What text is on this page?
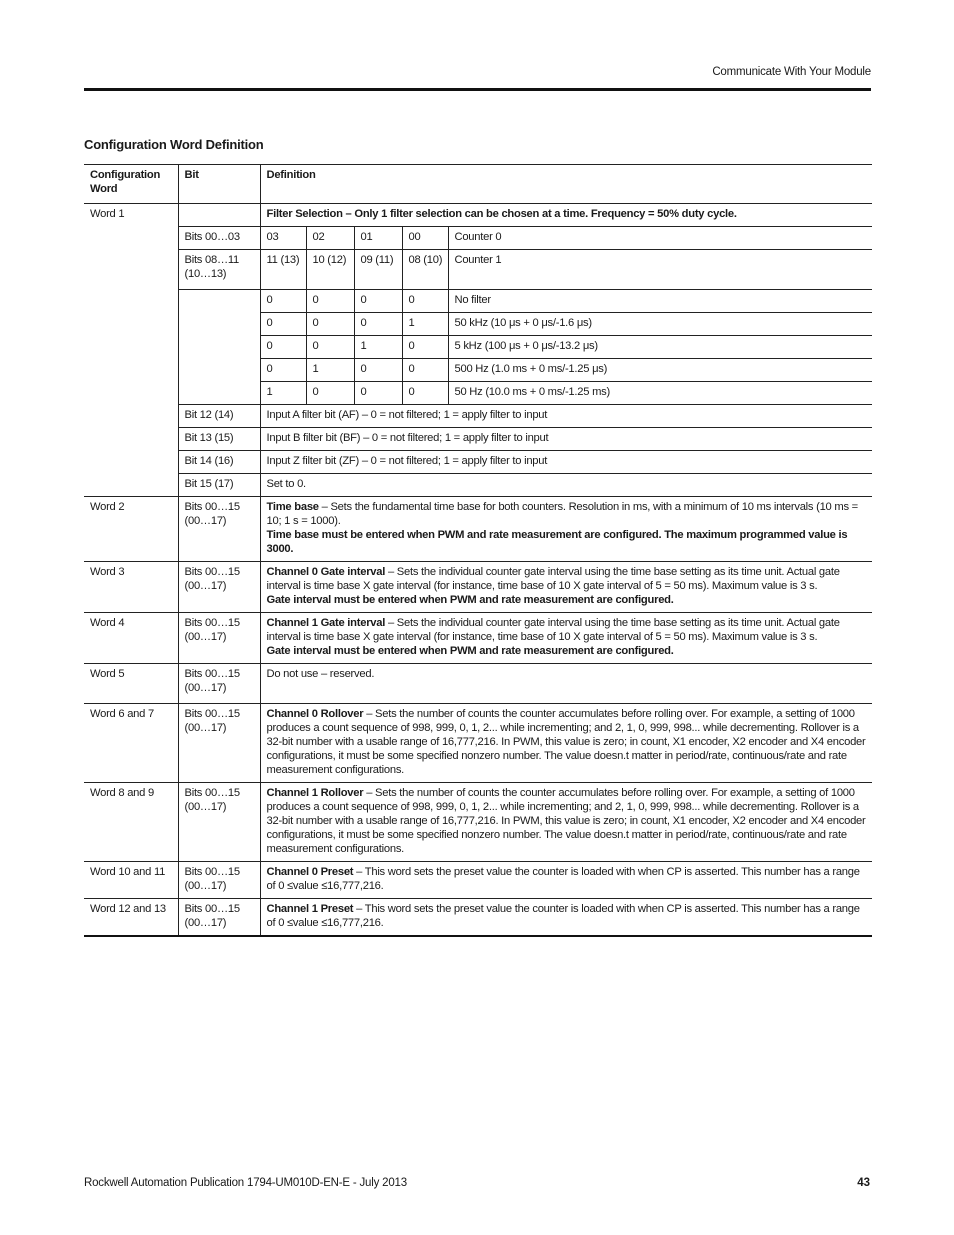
Communicate With Your Module
Configuration Word Definition
Configuration Word	Bit	Definition				
Word 1		Filter Selection – Only 1 filter selection can be chosen at a time. Frequency = 50% duty cycle.				
	Bits 00…03	03	02	01	00	Counter 0
	Bits 08…11 (10…13)	11 (13)	10 (12)	09 (11)	08 (10)	Counter 1
		0	0	0	0	No filter
		0	0	0	1	50 kHz (10 μs + 0 μs/-1.6 μs)
		0	0	1	0	5 kHz (100 μs + 0 μs/-13.2 μs)
		0	1	0	0	500 Hz (1.0 ms + 0 ms/-1.25 μs)
		1	0	0	0	50 Hz (10.0 ms + 0 ms/-1.25 ms)
	Bit 12 (14)	Input A filter bit (AF) – 0 = not filtered; 1 = apply filter to input				
	Bit 13 (15)	Input B filter bit (BF) – 0 = not filtered; 1 = apply filter to input				
	Bit 14 (16)	Input Z filter bit (ZF) – 0 = not filtered; 1 = apply filter to input				
	Bit 15 (17)	Set to 0.				
Word 2	Bits 00…15 (00…17)	Time base – Sets the fundamental time base for both counters. Resolution in ms, with a minimum of 10 ms intervals (10 ms = 10; 1 s = 1000).
Time base must be entered when PWM and rate measurement are configured. The maximum programmed value is 3000.				
Word 3	Bits 00…15 (00…17)	Channel 0 Gate interval – Sets the individual counter gate interval using the time base setting as its time unit. Actual gate interval is time base X gate interval (for instance, time base of 10 X gate interval of 5 = 50 ms). Maximum value is 3 s.
Gate interval must be entered when PWM and rate measurement are configured.				
Word 4	Bits 00…15 (00…17)	Channel 1 Gate interval – Sets the individual counter gate interval using the time base setting as its time unit. Actual gate interval is time base X gate interval (for instance, time base of 10 X gate interval of 5 = 50 ms). Maximum value is 3 s.
Gate interval must be entered when PWM and rate measurement are configured.				
Word 5	Bits 00…15 (00…17)	Do not use – reserved.				
Word 6 and 7	Bits 00…15 (00…17)	Channel 0 Rollover – Sets the number of counts the counter accumulates before rolling over. For example, a setting of 1000 produces a count sequence of 998, 999, 0, 1, 2... while incrementing; and 2, 1, 0, 999, 998... while decrementing. Rollover is a 32-bit number with a usable range of 16,777,216. In PWM, this value is zero; in count, X1 encoder, X2 encoder and X4 encoder configurations, it must be some specified nonzero number. The value doesn.t matter in period/rate, continuous/rate and rate measurement configurations.				
Word 8 and 9	Bits 00…15 (00…17)	Channel 1 Rollover – Sets the number of counts the counter accumulates before rolling over. For example, a setting of 1000 produces a count sequence of 998, 999, 0, 1, 2... while incrementing; and 2, 1, 0, 999, 998... while decrementing. Rollover is a 32-bit number with a usable range of 16,777,216. In PWM, this value is zero; in count, X1 encoder, X2 encoder and X4 encoder configurations, it must be some specified nonzero number. The value doesn.t matter in period/rate, continuous/rate and rate measurement configurations.				
Word 10 and 11	Bits 00…15 (00…17)	Channel 0 Preset – This word sets the preset value the counter is loaded with when CP is asserted. This number has a range of 0 ≤value ≤16,777,216.				
Word 12 and 13	Bits 00…15 (00…17)	Channel 1 Preset – This word sets the preset value the counter is loaded with when CP is asserted. This number has a range of 0 ≤value ≤16,777,216.				
Rockwell Automation Publication 1794-UM010D-EN-E - July 2013	43
